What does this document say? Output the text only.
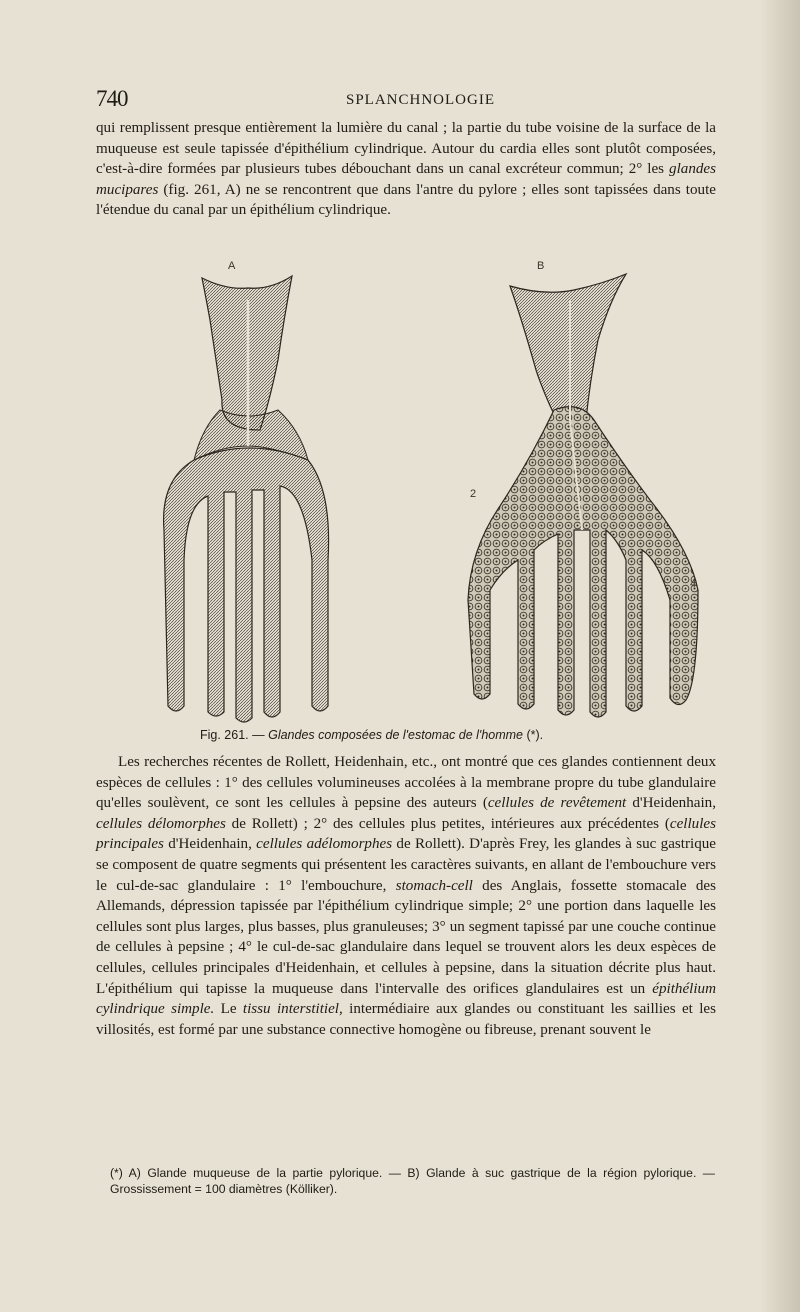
740	SPLANCHNOLOGIE

qui remplissent presque entièrement la lumière du canal ; la partie du tube voisine de la surface de la muqueuse est seule tapissée d'épithélium cylindrique. Autour du cardia elles sont plutôt composées, c'est-à-dire formées par plusieurs tubes débouchant dans un canal excréteur commun; 2° les glandes mucipares (fig. 261, A) ne se rencontrent que dans l'antre du pylore ; elles sont tapissées dans toute l'étendue du canal par un épithélium cylindrique.

A	B
2
4
Fig. 261. — Glandes composées de l'estomac de l'homme (*).

Les recherches récentes de Rollett, Heidenhain, etc., ont montré que ces glandes contiennent deux espèces de cellules : 1° des cellules volumineuses accolées à la membrane propre du tube glandulaire qu'elles soulèvent, ce sont les cellules à pepsine des auteurs (cellules de revêtement d'Heidenhain, cellules délomorphes de Rollett) ; 2° des cellules plus petites, intérieures aux précédentes (cellules principales d'Heidenhain, cellules adélomorphes de Rollett). D'après Frey, les glandes à suc gastrique se composent de quatre segments qui présentent les caractères suivants, en allant de l'embouchure vers le cul-de-sac glandulaire : 1° l'embouchure, stomach-cell des Anglais, fossette stomacale des Allemands, dépression tapissée par l'épithélium cylindrique simple; 2° une portion dans laquelle les cellules sont plus larges, plus basses, plus granuleuses; 3° un segment tapissé par une couche continue de cellules à pepsine ; 4° le cul-de-sac glandulaire dans lequel se trouvent alors les deux espèces de cellules, cellules principales d'Heidenhain, et cellules à pepsine, dans la situation décrite plus haut. L'épithélium qui tapisse la muqueuse dans l'intervalle des orifices glandulaires est un épithélium cylindrique simple. Le tissu interstitiel, intermédiaire aux glandes ou constituant les saillies et les villosités, est formé par une substance connective homogène ou fibreuse, prenant souvent le

(*) A) Glande muqueuse de la partie pylorique. — B) Glande à suc gastrique de la région pylorique. — Grossissement = 100 diamètres (Kölliker).
